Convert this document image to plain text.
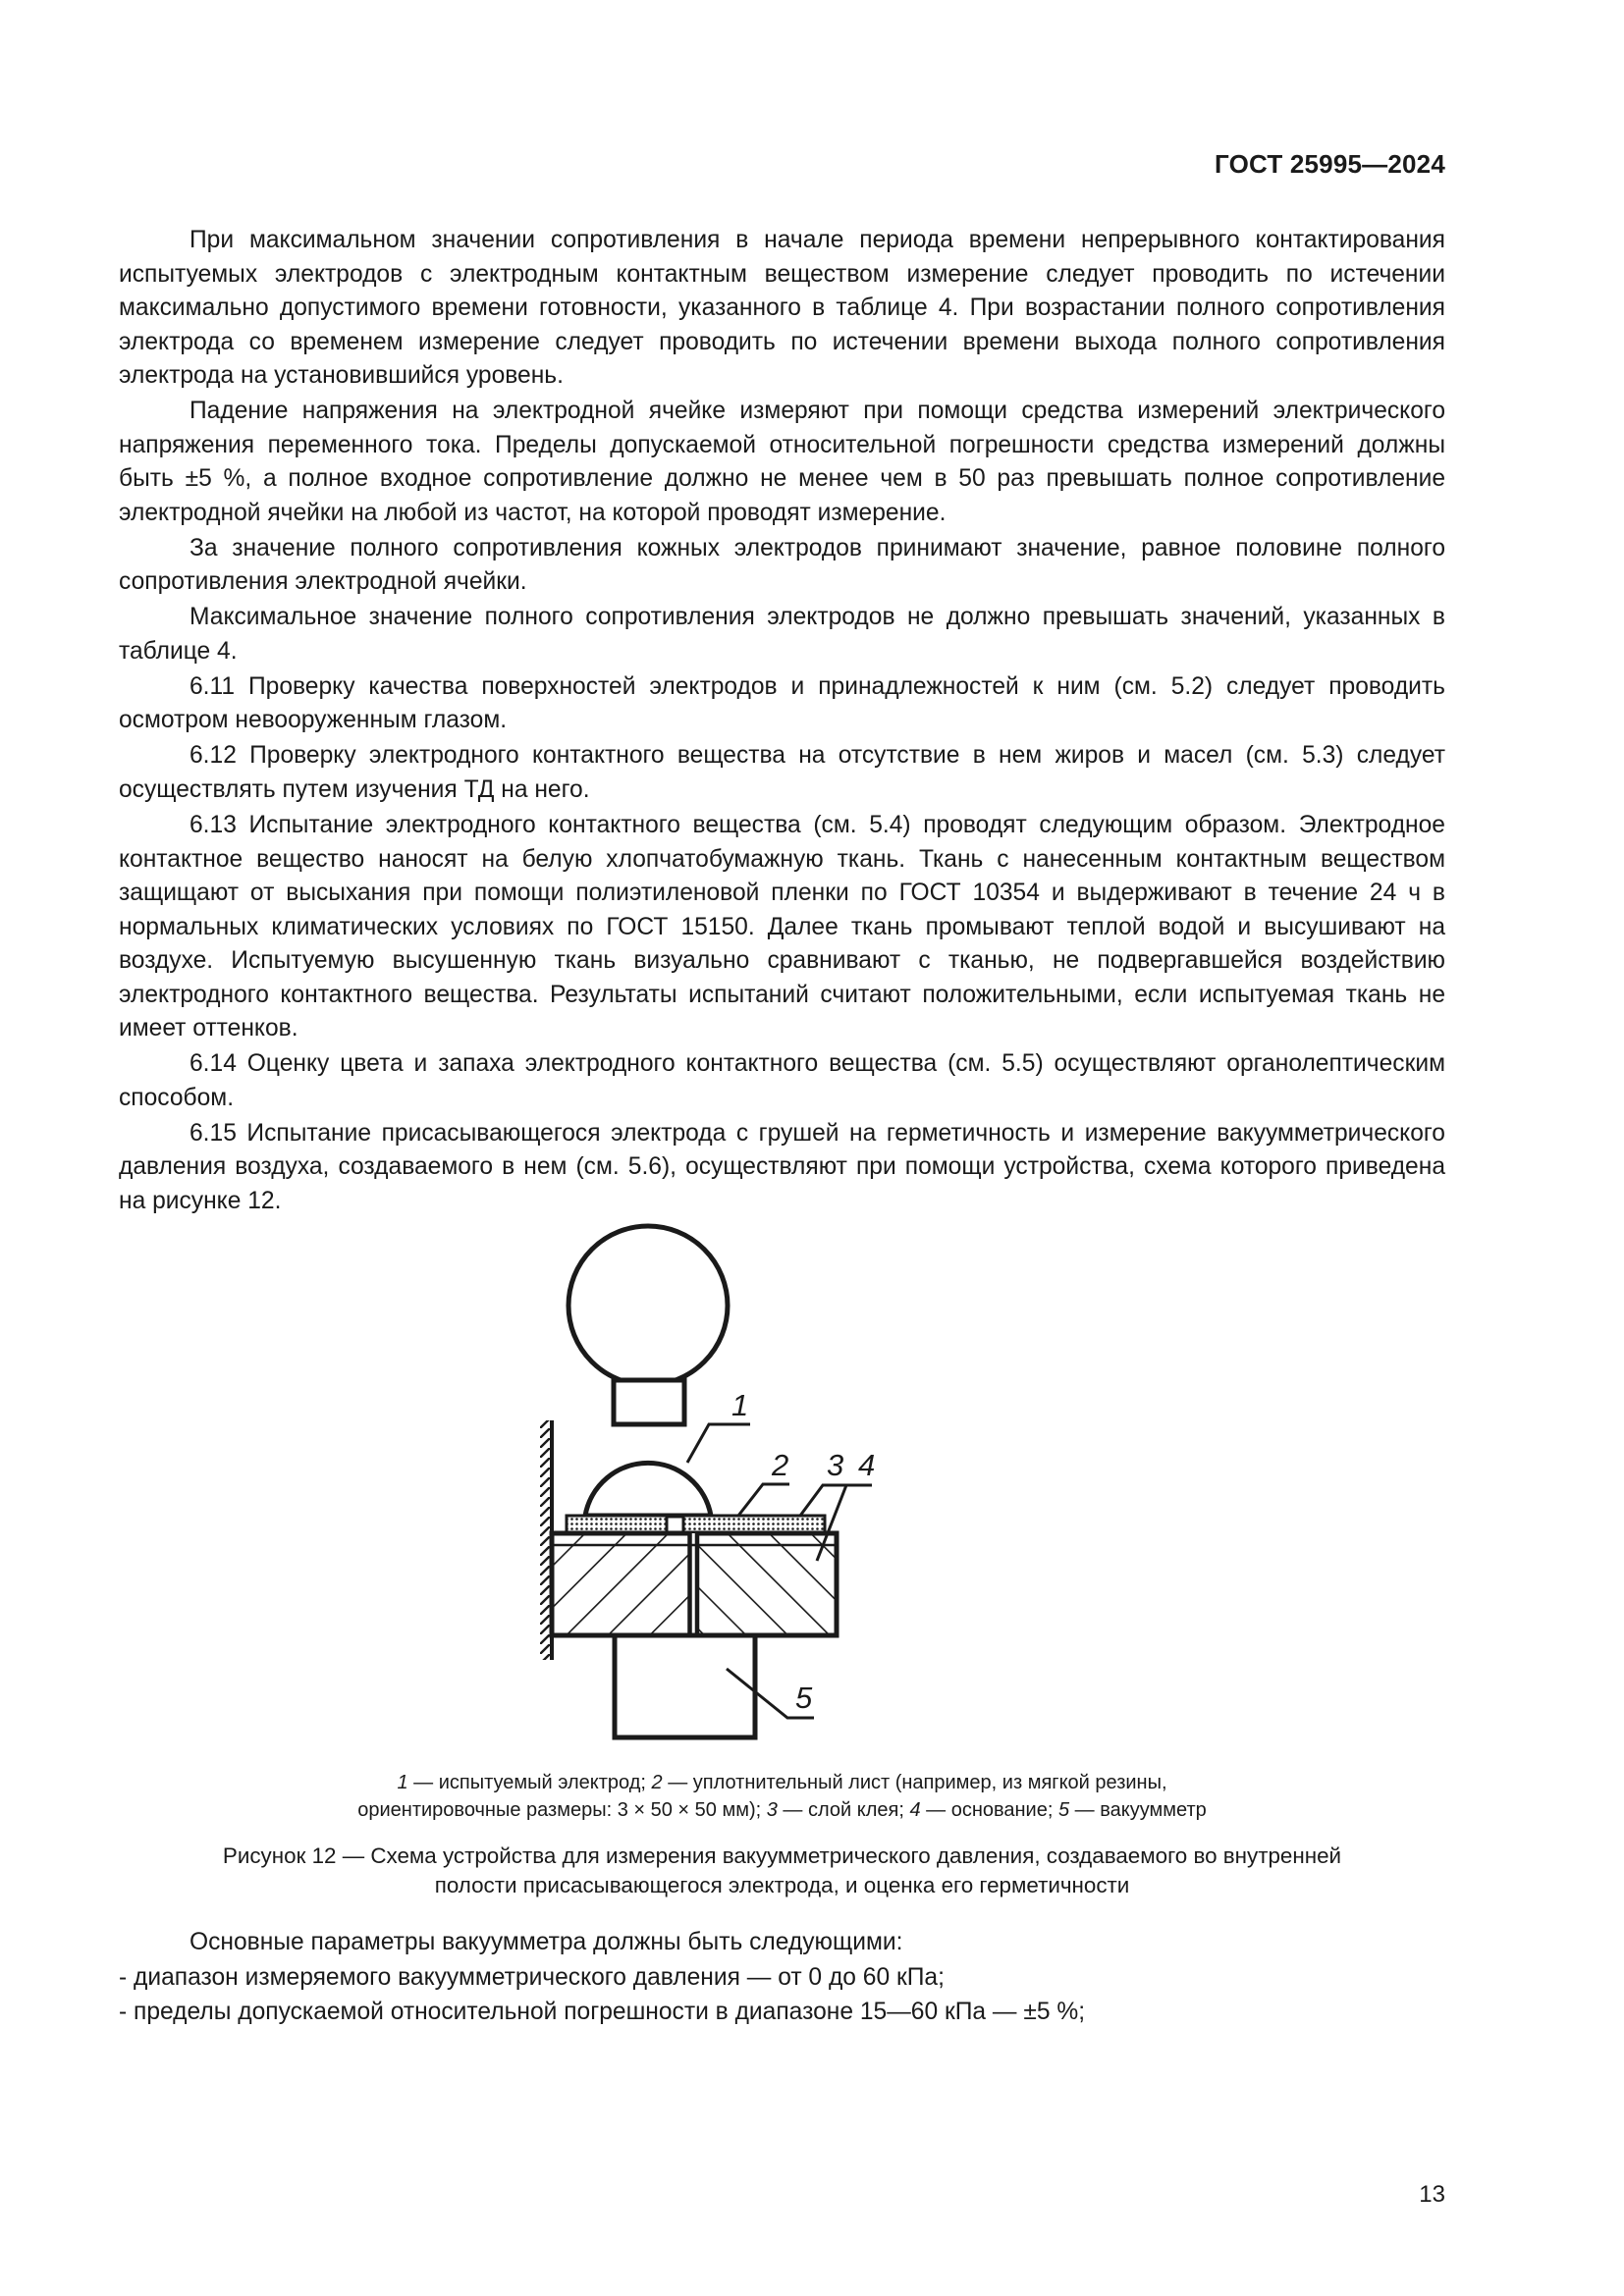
ГОСТ 25995—2024

При максимальном значении сопротивления в начале периода времени непрерывного контактирования испытуемых электродов с электродным контактным веществом измерение следует проводить по истечении максимально допустимого времени готовности, указанного в таблице 4. При возрастании полного сопротивления электрода со временем измерение следует проводить по истечении времени выхода полного сопротивления электрода на установившийся уровень.

Падение напряжения на электродной ячейке измеряют при помощи средства измерений электрического напряжения переменного тока. Пределы допускаемой относительной погрешности средства измерений должны быть ±5 %, а полное входное сопротивление должно не менее чем в 50 раз превышать полное сопротивление электродной ячейки на любой из частот, на которой проводят измерение.

За значение полного сопротивления кожных электродов принимают значение, равное половине полного сопротивления электродной ячейки.

Максимальное значение полного сопротивления электродов не должно превышать значений, указанных в таблице 4.

6.11 Проверку качества поверхностей электродов и принадлежностей к ним (см. 5.2) следует проводить осмотром невооруженным глазом.

6.12 Проверку электродного контактного вещества на отсутствие в нем жиров и масел (см. 5.3) следует осуществлять путем изучения ТД на него.

6.13 Испытание электродного контактного вещества (см. 5.4) проводят следующим образом. Электродное контактное вещество наносят на белую хлопчатобумажную ткань. Ткань с нанесенным контактным веществом защищают от высыхания при помощи полиэтиленовой пленки по ГОСТ 10354 и выдерживают в течение 24 ч в нормальных климатических условиях по ГОСТ 15150. Далее ткань промывают теплой водой и высушивают на воздухе. Испытуемую высушенную ткань визуально сравнивают с тканью, не подвергавшейся воздействию электродного контактного вещества. Результаты испытаний считают положительными, если испытуемая ткань не имеет оттенков.

6.14 Оценку цвета и запаха электродного контактного вещества (см. 5.5) осуществляют органолептическим способом.

6.15 Испытание присасывающегося электрода с грушей на герметичность и измерение вакуумметрического давления воздуха, создаваемого в нем (см. 5.6), осуществляют при помощи устройства, схема которого приведена на рисунке 12.

1
2 3 4
5
1 — испытуемый электрод; 2 — уплотнительный лист (например, из мягкой резины,
ориентировочные размеры: 3 × 50 × 50 мм); 3 — слой клея; 4 — основание; 5 — вакуумметр
Рисунок 12 — Схема устройства для измерения вакуумметрического давления, создаваемого во внутренней
полости присасывающегося электрода, и оценка его герметичности
Основные параметры вакуумметра должны быть следующими:
- диапазон измеряемого вакуумметрического давления — от 0 до 60 кПа;
- пределы допускаемой относительной погрешности в диапазоне 15—60 кПа — ±5 %;
13
